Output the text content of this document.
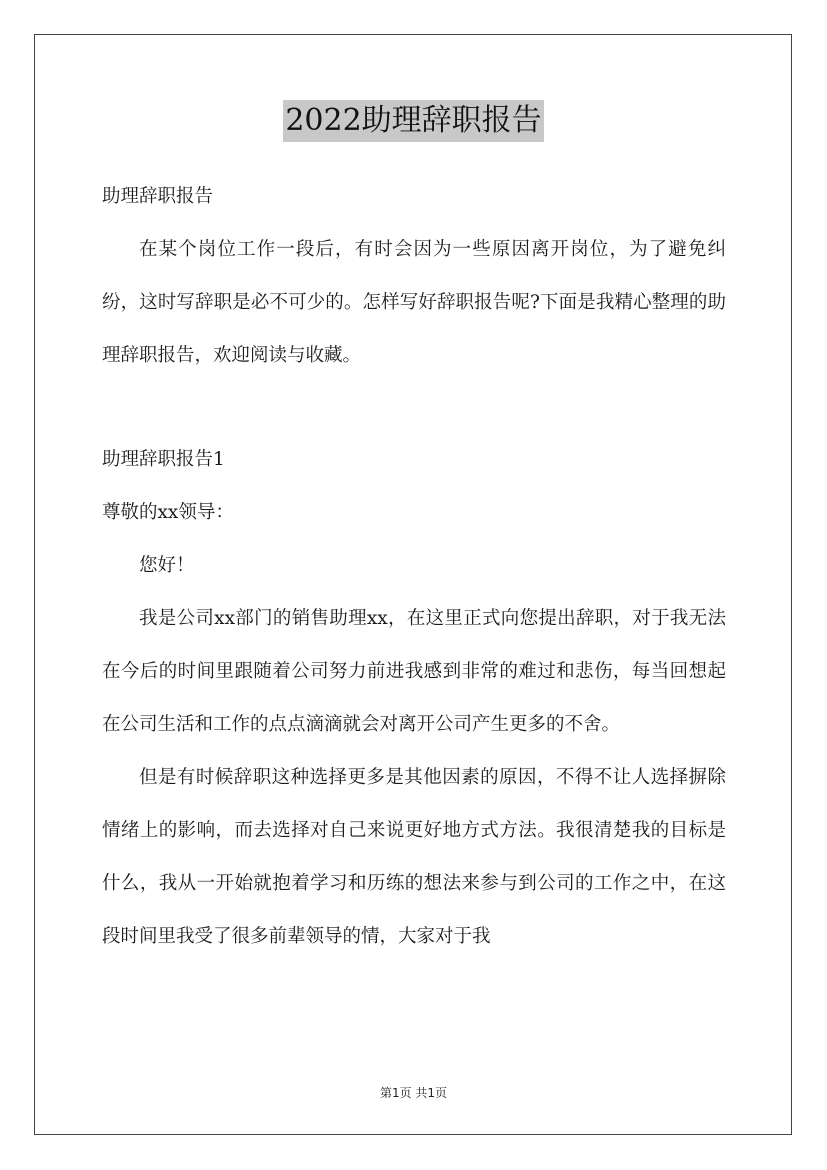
2022助理辞职报告

助理辞职报告

在某个岗位工作一段后，有时会因为一些原因离开岗位，为了避免纠纷，这时写辞职是必不可少的。怎样写好辞职报告呢?下面是我精心整理的助理辞职报告，欢迎阅读与收藏。

助理辞职报告1

尊敬的xx领导：

您好！

我是公司xx部门的销售助理xx，在这里正式向您提出辞职，对于我无法在今后的时间里跟随着公司努力前进我感到非常的难过和悲伤，每当回想起在公司生活和工作的点点滴滴就会对离开公司产生更多的不舍。

但是有时候辞职这种选择更多是其他因素的原因，不得不让人选择摒除情绪上的影响，而去选择对自己来说更好地方式方法。我很清楚我的目标是什么，我从一开始就抱着学习和历练的想法来参与到公司的工作之中，在这段时间里我受了很多前辈领导的情，大家对于我

第1页 共1页
